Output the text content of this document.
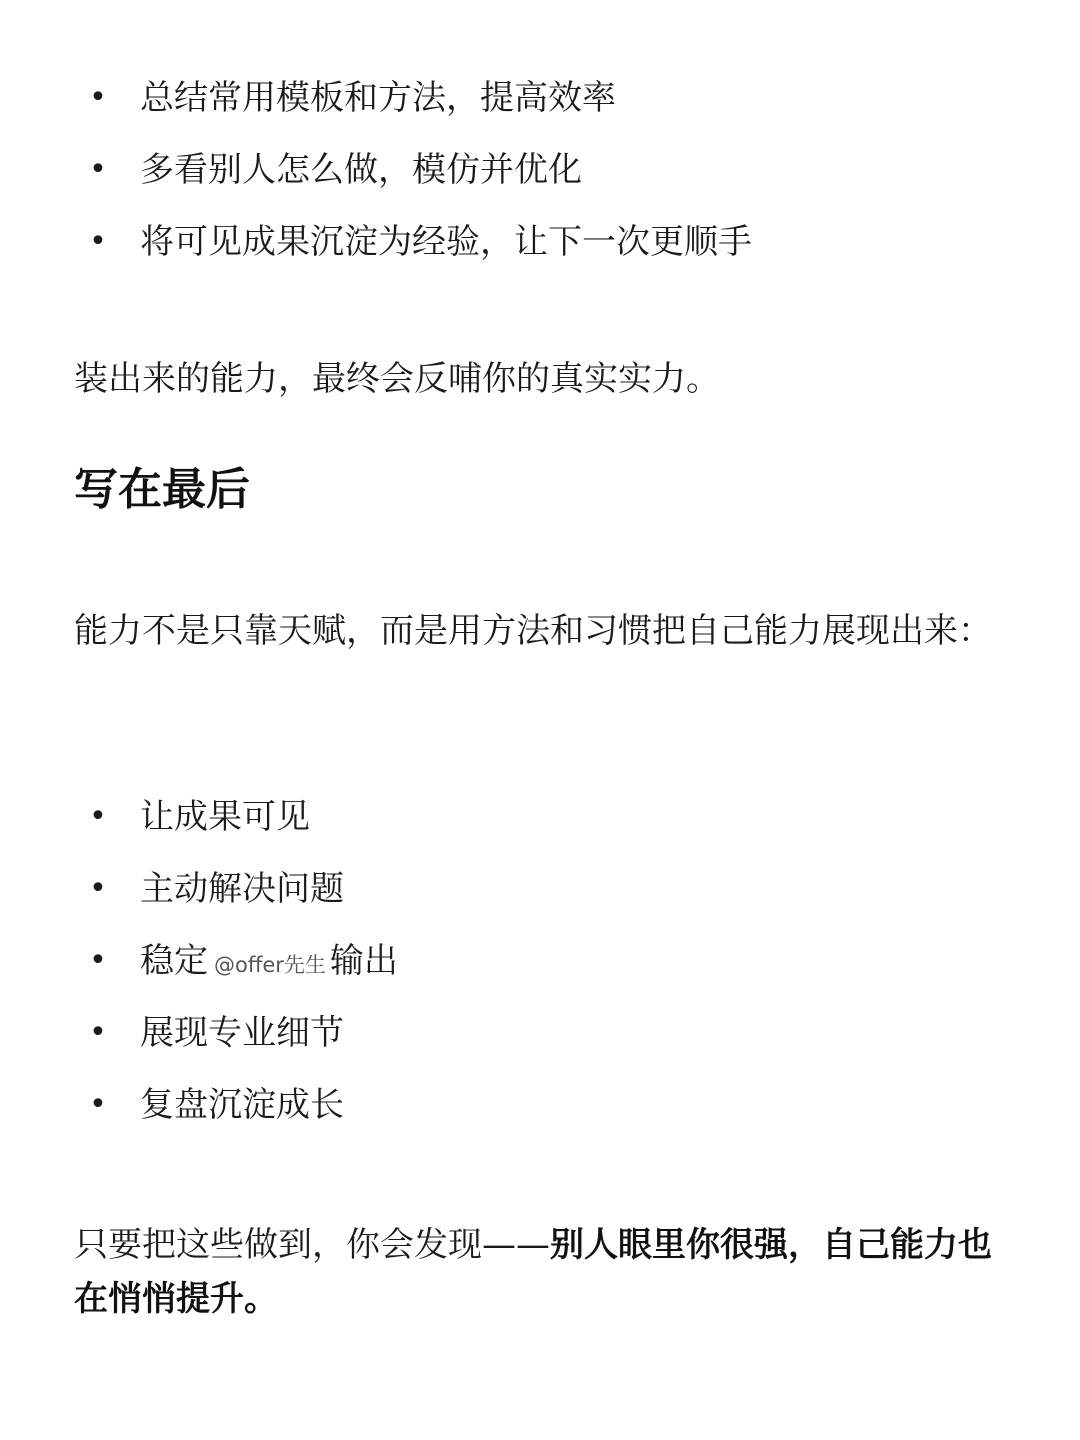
• 总结常用模板和方法，提高效率
• 多看别人怎么做，模仿并优化
• 将可见成果沉淀为经验，让下一次更顺手

装出来的能力，最终会反哺你的真实实力。

写在最后

能力不是只靠天赋，而是用方法和习惯把自己能力展现出来：

• 让成果可见
• 主动解决问题
• 稳定 @offer先生 输出
• 展现专业细节
• 复盘沉淀成长

只要把这些做到，你会发现——别人眼里你很强，自己能力也在悄悄提升。
